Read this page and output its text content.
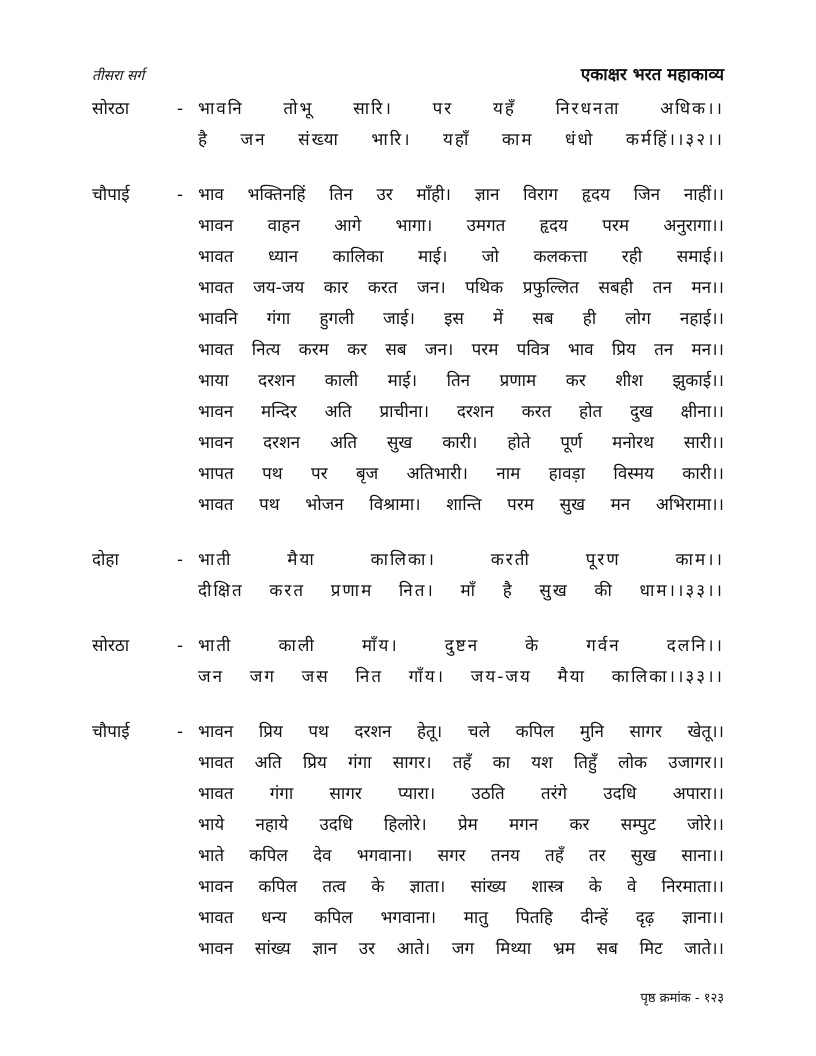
तीसरा सर्ग	एकाक्षर भरत महाकाव्य
सोरठा	- भावनि तोभू सारि। पर यहँ निरधनता अधिक।।
है जन संख्या भारि। यहाँ काम धंधो कर्महिं।।३२।।
चौपाई	- भाव भक्तिनहिं तिन उर माँही। ज्ञान विराग हृदय जिन नाहीं।।
भावन वाहन आगे भागा। उमगत हृदय परम अनुरागा।।
भावत ध्यान कालिका माई। जो कलकत्ता रही समाई।।
भावत जय-जय कार करत जन। पथिक प्रफुल्लित सबही तन मन।।
भावनि गंगा हुगली जाई। इस में सब ही लोग नहाई।।
भावत नित्य करम कर सब जन। परम पवित्र भाव प्रिय तन मन।।
भाया दरशन काली माई। तिन प्रणाम कर शीश झुकाई।।
भावन मन्दिर अति प्राचीना। दरशन करत होत दुख क्षीना।।
भावन दरशन अति सुख कारी। होते पूर्ण मनोरथ सारी।।
भापत पथ पर बृज अतिभारी। नाम हावड़ा विस्मय कारी।।
भावत पथ भोजन विश्रामा। शान्ति परम सुख मन अभिरामा।।
दोहा	- भाती मैया कालिका। करती पूरण काम।।
दीक्षित करत प्रणाम नित। माँ है सुख की धाम।।३३।।
सोरठा	- भाती काली माँय। दुष्टन के गर्वन दलनि।।
जन जग जस नित गाँय। जय-जय मैया कालिका।।३३।।
चौपाई	- भावन प्रिय पथ दरशन हेतू। चले कपिल मुनि सागर खेतू।।
भावत अति प्रिय गंगा सागर। तहँ का यश तिहुँ लोक उजागर।।
भावत गंगा सागर प्यारा। उठति तरंगे उदधि अपारा।।
भाये नहाये उदधि हिलोरे। प्रेम मगन कर सम्पुट जोरे।।
भाते कपिल देव भगवाना। सगर तनय तहँ तर सुख साना।।
भावन कपिल तत्व के ज्ञाता। सांख्य शास्त्र के वे निरमाता।।
भावत धन्य कपिल भगवाना। मातु पितहि दीन्हें दृढ़ ज्ञाना।।
भावन सांख्य ज्ञान उर आते। जग मिथ्या भ्रम सब मिट जाते।।
पृष्ठ क्रमांक - १२३
